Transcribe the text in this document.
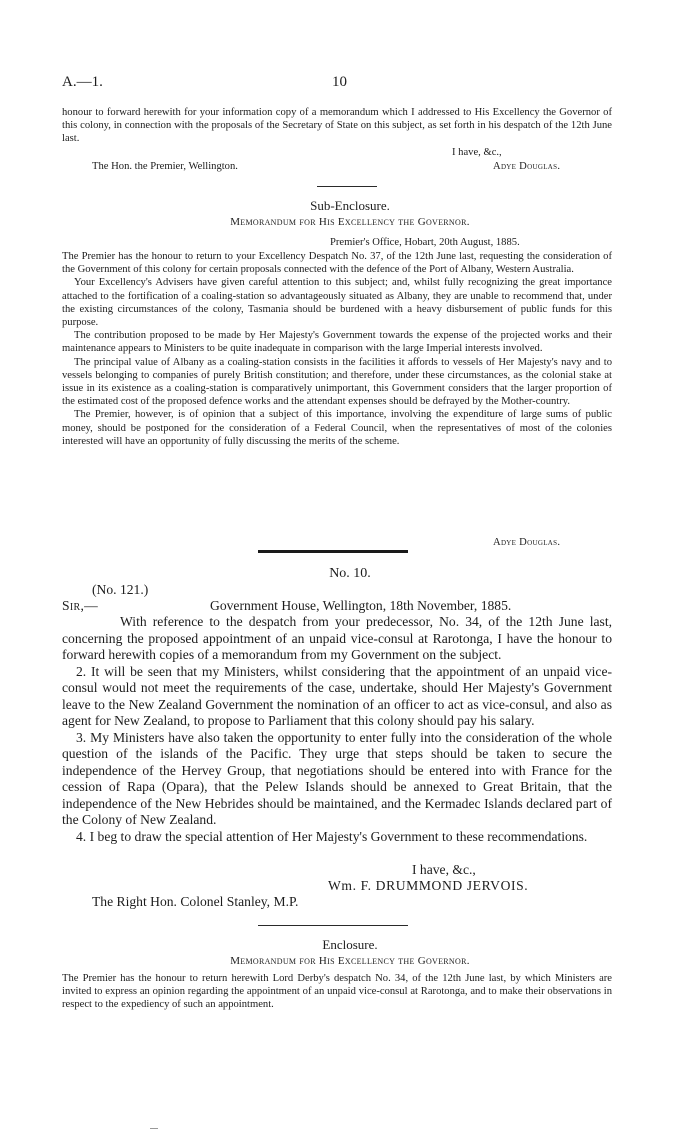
A.—1.	10

honour to forward herewith for your information copy of a memorandum which I addressed to His Excellency the Governor of this colony, in connection with the proposals of the Secretary of State on this subject, as set forth in his despatch of the 12th June last.

I have, &c.,
The Hon. the Premier, Wellington.	Adye Douglas.
Sub-Enclosure.
Memorandum for His Excellency the Governor.
Premier's Office, Hobart, 20th August, 1885.

The Premier has the honour to return to your Excellency Despatch No. 37, of the 12th June last, requesting the consideration of the Government of this colony for certain proposals connected with the defence of the Port of Albany, Western Australia.

Your Excellency's Advisers have given careful attention to this subject; and, whilst fully recognizing the great importance attached to the fortification of a coaling-station so advantageously situated as Albany, they are unable to recommend that, under the existing circumstances of the colony, Tasmania should be burdened with a heavy disbursement of public funds for this purpose.

The contribution proposed to be made by Her Majesty's Government towards the expense of the projected works and their maintenance appears to Ministers to be quite inadequate in comparison with the large Imperial interests involved.

The principal value of Albany as a coaling-station consists in the facilities it affords to vessels of Her Majesty's navy and to vessels belonging to companies of purely British constitution; and therefore, under these circumstances, as the colonial stake at issue in its existence as a coaling-station is comparatively unimportant, this Government considers that the larger proportion of the estimated cost of the proposed defence works and the attendant expenses should be defrayed by the Mother-country.

The Premier, however, is of opinion that a subject of this importance, involving the expenditure of large sums of public money, should be postponed for the consideration of a Federal Council, when the representatives of most of the colonies interested will have an opportunity of fully discussing the merits of the scheme.

Adye Douglas.
No. 10.
(No. 121.)
Sir,—	Government House, Wellington, 18th November, 1885.

With reference to the despatch from your predecessor, No. 34, of the 12th June last, concerning the proposed appointment of an unpaid vice-consul at Rarotonga, I have the honour to forward herewith copies of a memorandum from my Government on the subject.

2. It will be seen that my Ministers, whilst considering that the appointment of an unpaid vice-consul would not meet the requirements of the case, undertake, should Her Majesty's Government leave to the New Zealand Government the nomination of an officer to act as vice-consul, and also as agent for New Zealand, to propose to Parliament that this colony should pay his salary.

3. My Ministers have also taken the opportunity to enter fully into the consideration of the whole question of the islands of the Pacific. They urge that steps should be taken to secure the independence of the Hervey Group, that negotiations should be entered into with France for the cession of Rapa (Opara), that the Pelew Islands should be annexed to Great Britain, that the independence of the New Hebrides should be maintained, and the Kermadec Islands declared part of the Colony of New Zealand.

4. I beg to draw the special attention of Her Majesty's Government to these recommendations.

I have, &c.,
Wm. F. DRUMMOND JERVOIS.
The Right Hon. Colonel Stanley, M.P.
Enclosure.
Memorandum for His Excellency the Governor.

The Premier has the honour to return herewith Lord Derby's despatch No. 34, of the 12th June last, by which Ministers are invited to express an opinion regarding the appointment of an unpaid vice-consul at Rarotonga, and to make their observations in respect to the expediency of such an appointment.
